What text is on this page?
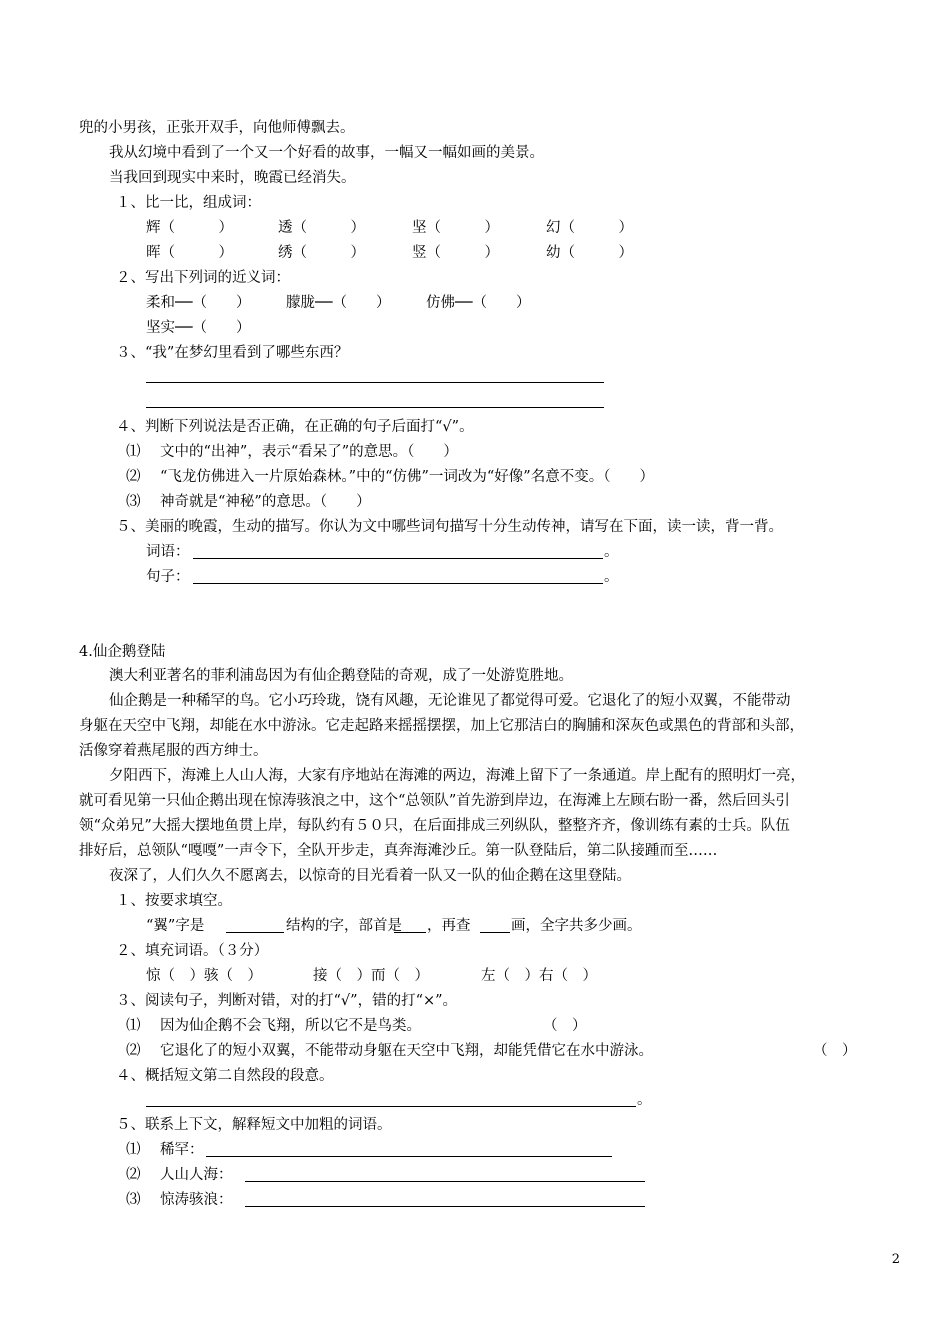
兜的小男孩，正张开双手，向他师傅飘去。
我从幻境中看到了一个又一个好看的故事，一幅又一幅如画的美景。
当我回到现实中来时，晚霞已经消失。
１、比一比，组成词：
辉（　　　）	透（　　　）	坚（　　　）	幻（　　　）
晖（　　　）	绣（　　　）	竖（　　　）	幼（　　　）
２、写出下列词的近义词：
柔和──（　　） 朦胧──（　　） 仿佛──（　　）
坚实──（　　）
３、“我”在梦幻里看到了哪些东西？
４、判断下列说法是否正确，在正确的句子后面打“√”。
⑴ 文中的“出神”，表示“看呆了”的意思。（　　）
⑵ “飞龙仿佛进入一片原始森林。”中的“仿佛”一词改为“好像”名意不变。（　　）
⑶ 神奇就是“神秘”的意思。（　　）
５、美丽的晚霞，生动的描写。你认为文中哪些词句描写十分生动传神，请写在下面，读一读，背一背。
词语：	。
句子：	。
4.仙企鹅登陆
澳大利亚著名的菲利浦岛因为有仙企鹅登陆的奇观，成了一处游览胜地。
仙企鹅是一种稀罕的鸟。它小巧玲珑，饶有风趣，无论谁见了都觉得可爱。它退化了的短小双翼，不能带动
身躯在天空中飞翔，却能在水中游泳。它走起路来摇摇摆摆，加上它那洁白的胸脯和深灰色或黑色的背部和头部，
活像穿着燕尾服的西方绅士。
夕阳西下，海滩上人山人海，大家有序地站在海滩的两边，海滩上留下了一条通道。岸上配有的照明灯一亮，
就可看见第一只仙企鹅出现在惊涛骇浪之中，这个“总领队”首先游到岸边，在海滩上左顾右盼一番，然后回头引
领“众弟兄”大摇大摆地鱼贯上岸，每队约有５０只，在后面排成三列纵队，整整齐齐，像训练有素的士兵。队伍
排好后，总领队“嘎嘎”一声令下，全队开步走，真奔海滩沙丘。第一队登陆后，第二队接踵而至……
夜深了，人们久久不愿离去，以惊奇的目光看着一队又一队的仙企鹅在这里登陆。
１、按要求填空。
“翼”字是	结构的字，部首是 ，再查	画，全字共多少画。
２、填充词语。（３分）
惊（　）骇（　）	接（　）而（　）	左（　）右（　）
３、阅读句子，判断对错，对的打“√”，错的打“×”。
⑴ 因为仙企鹅不会飞翔，所以它不是鸟类。	（　）
⑵ 它退化了的短小双翼，不能带动身躯在天空中飞翔，却能凭借它在水中游泳。	（　）
４、概括短文第二自然段的段意。
。
５、联系上下文，解释短文中加粗的词语。
⑴ 稀罕：
⑵ 人山人海：
⑶ 惊涛骇浪：
2
